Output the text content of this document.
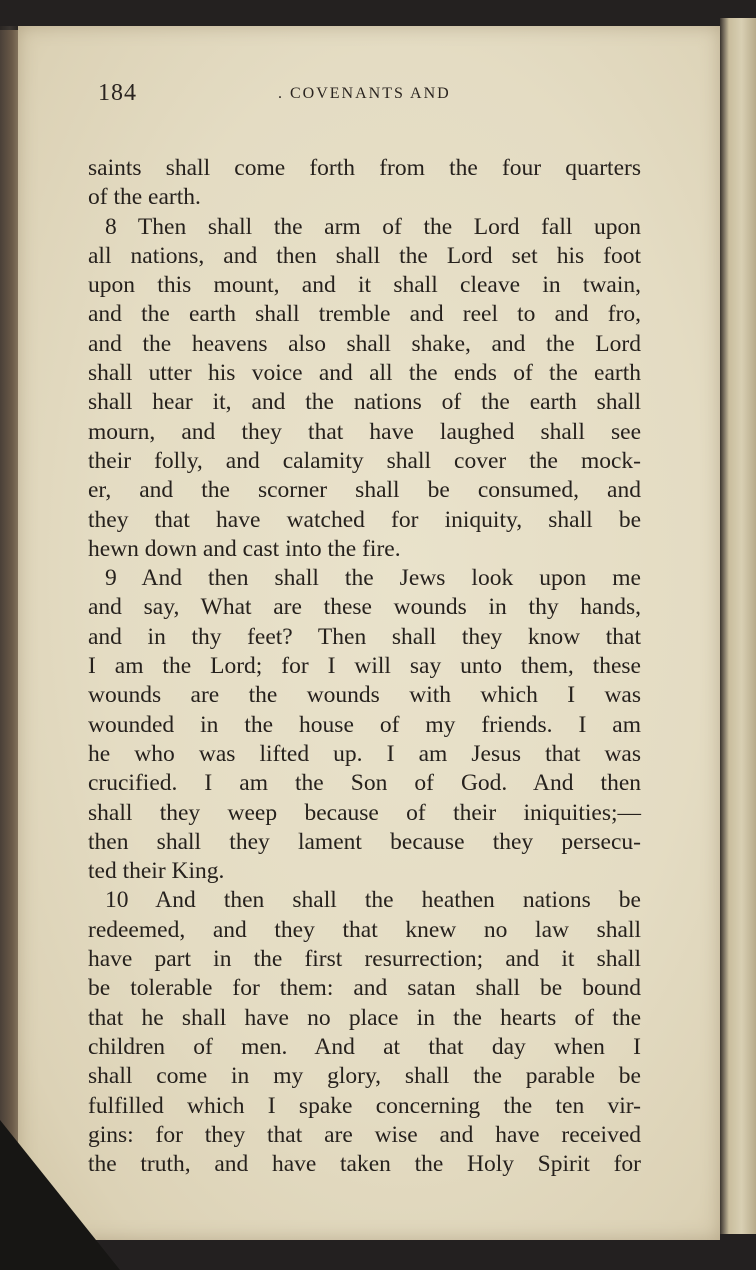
184
.	COVENANTS AND
saints shall come forth from the four quarters
of the earth.
8 Then shall the arm of the Lord fall upon
all nations, and then shall the Lord set his foot
upon this mount, and it shall cleave in twain,
and the earth shall tremble and reel to and fro,
and the heavens also shall shake, and the Lord
shall utter his voice and all the ends of the earth
shall hear it, and the nations of the earth shall
mourn, and they that have laughed shall see
their folly, and calamity shall cover the mock-
er, and the scorner shall be consumed, and
they that have watched for iniquity, shall be
hewn down and cast into the fire.
9 And then shall the Jews look upon me
and say, What are these wounds in thy hands,
and in thy feet? Then shall they know that
I am the Lord; for I will say unto them, these
wounds are the wounds with which I was
wounded in the house of my friends. I am
he who was lifted up. I am Jesus that was
crucified. I am the Son of God. And then
shall they weep because of their iniquities;—
then shall they lament because they persecu-
ted their King.
10 And then shall the heathen nations be
redeemed, and they that knew no law shall
have part in the first resurrection; and it shall
be tolerable for them: and satan shall be bound
that he shall have no place in the hearts of the
children of men. And at that day when I
shall come in my glory, shall the parable be
fulfilled which I spake concerning the ten vir-
gins: for they that are wise and have received
the truth, and have taken the Holy Spirit for
